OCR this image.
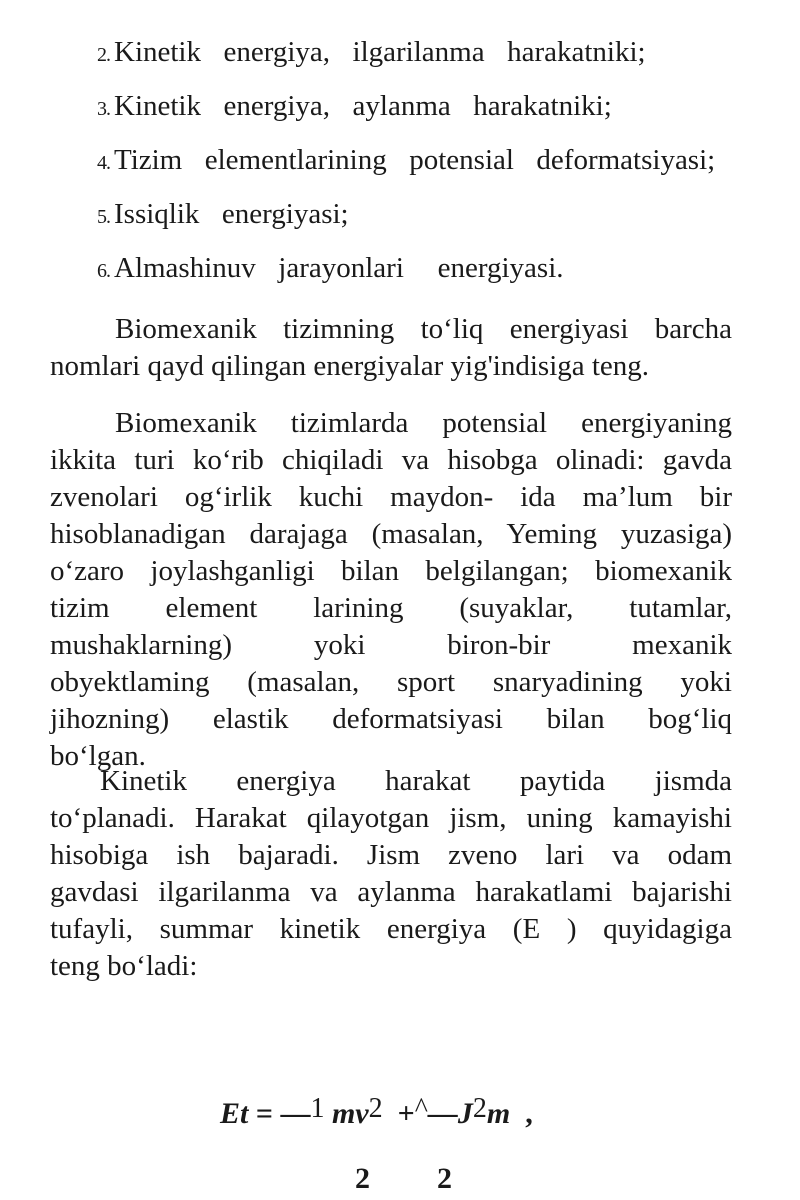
2. Kinetik  energiya,  ilgarilanma  harakatniki;
3. Kinetik  energiya,  aylanma  harakatniki;
4. Tizim  elementlarining  potensial  deformatsiyasi;
5. Issiqlik  energiyasi;
6. Almashinuv  jarayonlari   energiyasi.
Biomexanik tizimning to‘liq energiyasi barcha
nomlari qayd qilingan energiyalar yig'indisiga teng.
Biomexanik tizimlarda potensial energiyaning
ikkita turi ko‘rib chiqiladi va hisobga olinadi: gavda
zvenolari og‘irlik kuchi maydon- ida ma’lum bir
hisoblanadigan darajaga (masalan, Yeming yuzasiga)
o‘zaro joylashganligi bilan belgilangan; biomexanik
tizim element larining (suyaklar, tutamlar,
mushaklarning) yoki biron-bir mexanik
obyektlaming (masalan, sport snaryadining yoki
jihozning) elastik deformatsiyasi bilan bog‘liq
bo‘lgan.
Kinetik energiya harakat paytida jismda
to‘planadi. Harakat qilayotgan jism, uning kamayishi
hisobiga ish bajaradi. Jism zveno lari va odam
gavdasi ilgarilanma va aylanma harakatlami bajarishi
tufayli, summar kinetik energiya (E ) quyidagiga
teng bo‘ladi:
Et = —$^1$ $mv^2$  $+^{\^{}}—J^2m$  ,
2 2
